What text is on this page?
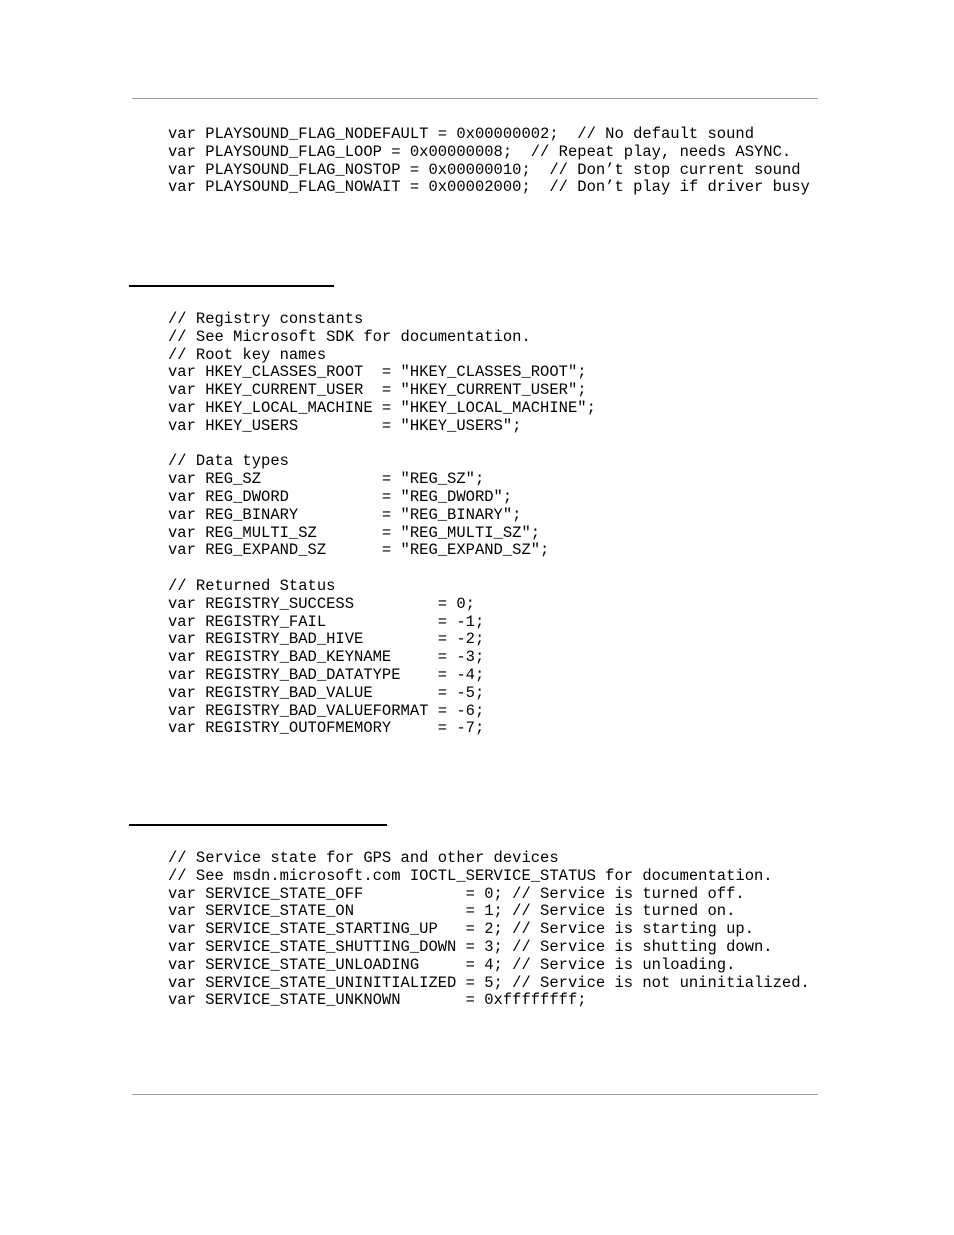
var PLAYSOUND_FLAG_NODEFAULT = 0x00000002;  // No default sound
var PLAYSOUND_FLAG_LOOP = 0x00000008;  // Repeat play, needs ASYNC.
var PLAYSOUND_FLAG_NOSTOP = 0x00000010;  // Don’t stop current sound
var PLAYSOUND_FLAG_NOWAIT = 0x00002000;  // Don’t play if driver busy
// Registry constants
// See Microsoft SDK for documentation.
// Root key names
var HKEY_CLASSES_ROOT  = "HKEY_CLASSES_ROOT";
var HKEY_CURRENT_USER  = "HKEY_CURRENT_USER";
var HKEY_LOCAL_MACHINE = "HKEY_LOCAL_MACHINE";
var HKEY_USERS         = "HKEY_USERS";
// Data types
var REG_SZ             = "REG_SZ";
var REG_DWORD          = "REG_DWORD";
var REG_BINARY         = "REG_BINARY";
var REG_MULTI_SZ       = "REG_MULTI_SZ";
var REG_EXPAND_SZ      = "REG_EXPAND_SZ";
// Returned Status
var REGISTRY_SUCCESS         = 0;
var REGISTRY_FAIL            = -1;
var REGISTRY_BAD_HIVE        = -2;
var REGISTRY_BAD_KEYNAME     = -3;
var REGISTRY_BAD_DATATYPE    = -4;
var REGISTRY_BAD_VALUE       = -5;
var REGISTRY_BAD_VALUEFORMAT = -6;
var REGISTRY_OUTOFMEMORY     = -7;
// Service state for GPS and other devices
// See msdn.microsoft.com IOCTL_SERVICE_STATUS for documentation.
var SERVICE_STATE_OFF           = 0; // Service is turned off.
var SERVICE_STATE_ON            = 1; // Service is turned on.
var SERVICE_STATE_STARTING_UP   = 2; // Service is starting up.
var SERVICE_STATE_SHUTTING_DOWN = 3; // Service is shutting down.
var SERVICE_STATE_UNLOADING     = 4; // Service is unloading.
var SERVICE_STATE_UNINITIALIZED = 5; // Service is not uninitialized.
var SERVICE_STATE_UNKNOWN       = 0xffffffff;
